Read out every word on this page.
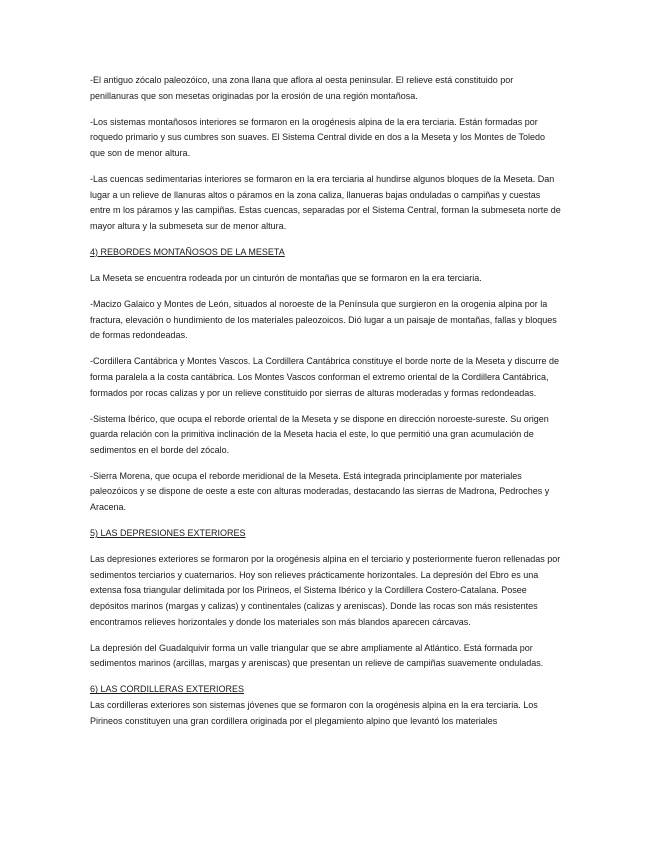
-El antiguo zócalo paleozóico, una zona llana que aflora al oesta peninsular. El relieve está constituido por penillanuras que son mesetas originadas por la erosión de una región montañosa.

-Los sistemas montañosos interiores se formaron en la orogénesis alpina de la era terciaria. Están formadas por roquedo primario y sus cumbres son suaves. El Sistema Central divide en dos a la Meseta y los Montes de Toledo que son de menor altura.

-Las cuencas sedimentarias interiores se formaron en la era terciaria al hundirse algunos bloques de la Meseta. Dan lugar a un relieve de llanuras altos o páramos en la zona caliza, llanueras bajas onduladas o campiñas y cuestas entre m los páramos y las campiñas. Estas cuencas, separadas por el Sistema Central, forman la submeseta norte de mayor altura y la submeseta sur de menor altura.

4) REBORDES MONTAÑOSOS DE LA MESETA

La Meseta se encuentra rodeada por un cinturón de montañas que se formaron en la era terciaria.

-Macizo Galaico y Montes de León, situados al noroeste de la Península que surgieron en la orogenia alpina por la fractura, elevación o hundimiento de los materiales paleozoicos. Dió lugar a un paisaje de montañas, fallas y bloques de formas redondeadas.

-Cordillera Cantábrica y Montes Vascos. La Cordillera Cantábrica constituye el borde norte de la Meseta y discurre de forma paralela a la costa cantábrica. Los Montes Vascos conforman el extremo oriental de la Cordillera Cantábrica, formados por rocas calizas y por un relieve constituido por sierras de alturas moderadas y formas redondeadas.

-Sistema Ibérico, que ocupa el reborde oriental de la Meseta y se dispone en dirección noroeste-sureste. Su origen guarda relación con la primitiva inclinación de la Meseta hacia el este, lo que permitió una gran acumulación de sedimentos en el borde del zócalo.

-Sierra Morena, que ocupa el reborde meridional de la Meseta. Está integrada principlamente por materiales paleozóicos y se dispone de oeste a este con alturas moderadas, destacando las sierras de Madrona, Pedroches y Aracena.

5) LAS DEPRESIONES EXTERIORES

Las depresiones exteriores se formaron por la orogénesis alpina en el terciario y posteriormente fueron rellenadas por sedimentos terciarios y cuaternarios. Hoy son relieves prácticamente horizontales. La depresión del Ebro es una extensa fosa triangular delimitada por los Pirineos, el Sistema Ibérico y la Cordillera Costero-Catalana. Posee depósitos marinos (margas y calizas) y continentales (calizas y areniscas). Donde las rocas son más resistentes encontramos relieves horizontales y donde los materiales son más blandos aparecen cárcavas.

La depresión del Guadalquivir forma un valle triangular que se abre ampliamente al Atlántico. Está formada por sedimentos marinos (arcillas, margas y areniscas) que presentan un relieve de campiñas suavemente onduladas.

6) LAS CORDILLERAS EXTERIORES

Las cordilleras exteriores son sistemas jóvenes que se formaron con la orogénesis alpina en la era terciaria. Los Pirineos constituyen una gran cordillera originada por el plegamiento alpino que levantó los materiales
